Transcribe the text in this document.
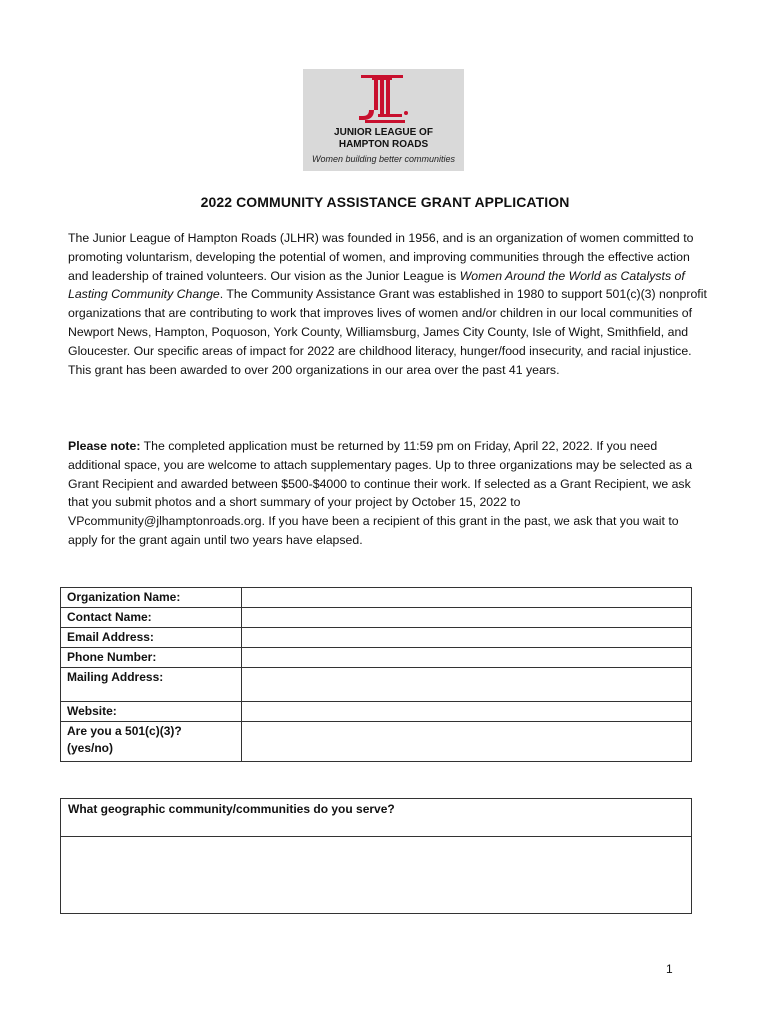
JUNIOR LEAGUE OF
HAMPTON ROADS
Women building better communities
2022 COMMUNITY ASSISTANCE GRANT APPLICATION

The Junior League of Hampton Roads (JLHR) was founded in 1956, and is an organization of women committed to promoting voluntarism, developing the potential of women, and improving communities through the effective action and leadership of trained volunteers. Our vision as the Junior League is Women Around the World as Catalysts of Lasting Community Change. The Community Assistance Grant was established in 1980 to support 501(c)(3) nonprofit organizations that are contributing to work that improves lives of women and/or children in our local communities of Newport News, Hampton, Poquoson, York County, Williamsburg, James City County, Isle of Wight, Smithfield, and Gloucester. Our specific areas of impact for 2022 are childhood literacy, hunger/food insecurity, and racial injustice. This grant has been awarded to over 200 organizations in our area over the past 41 years.

Please note: The completed application must be returned by 11:59 pm on Friday, April 22, 2022. If you need additional space, you are welcome to attach supplementary pages. Up to three organizations may be selected as a Grant Recipient and awarded between $500-$4000 to continue their work. If selected as a Grant Recipient, we ask that you submit photos and a short summary of your project by October 15, 2022 to VPcommunity@jlhamptonroads.org. If you have been a recipient of this grant in the past, we ask that you wait to apply for the grant again until two years have elapsed.

Organization Name:	
Contact Name:	
Email Address:	
Phone Number:	
Mailing Address:	
Website:	
Are you a 501(c)(3)?
(yes/no)	
What geographic community/communities do you serve?
1
